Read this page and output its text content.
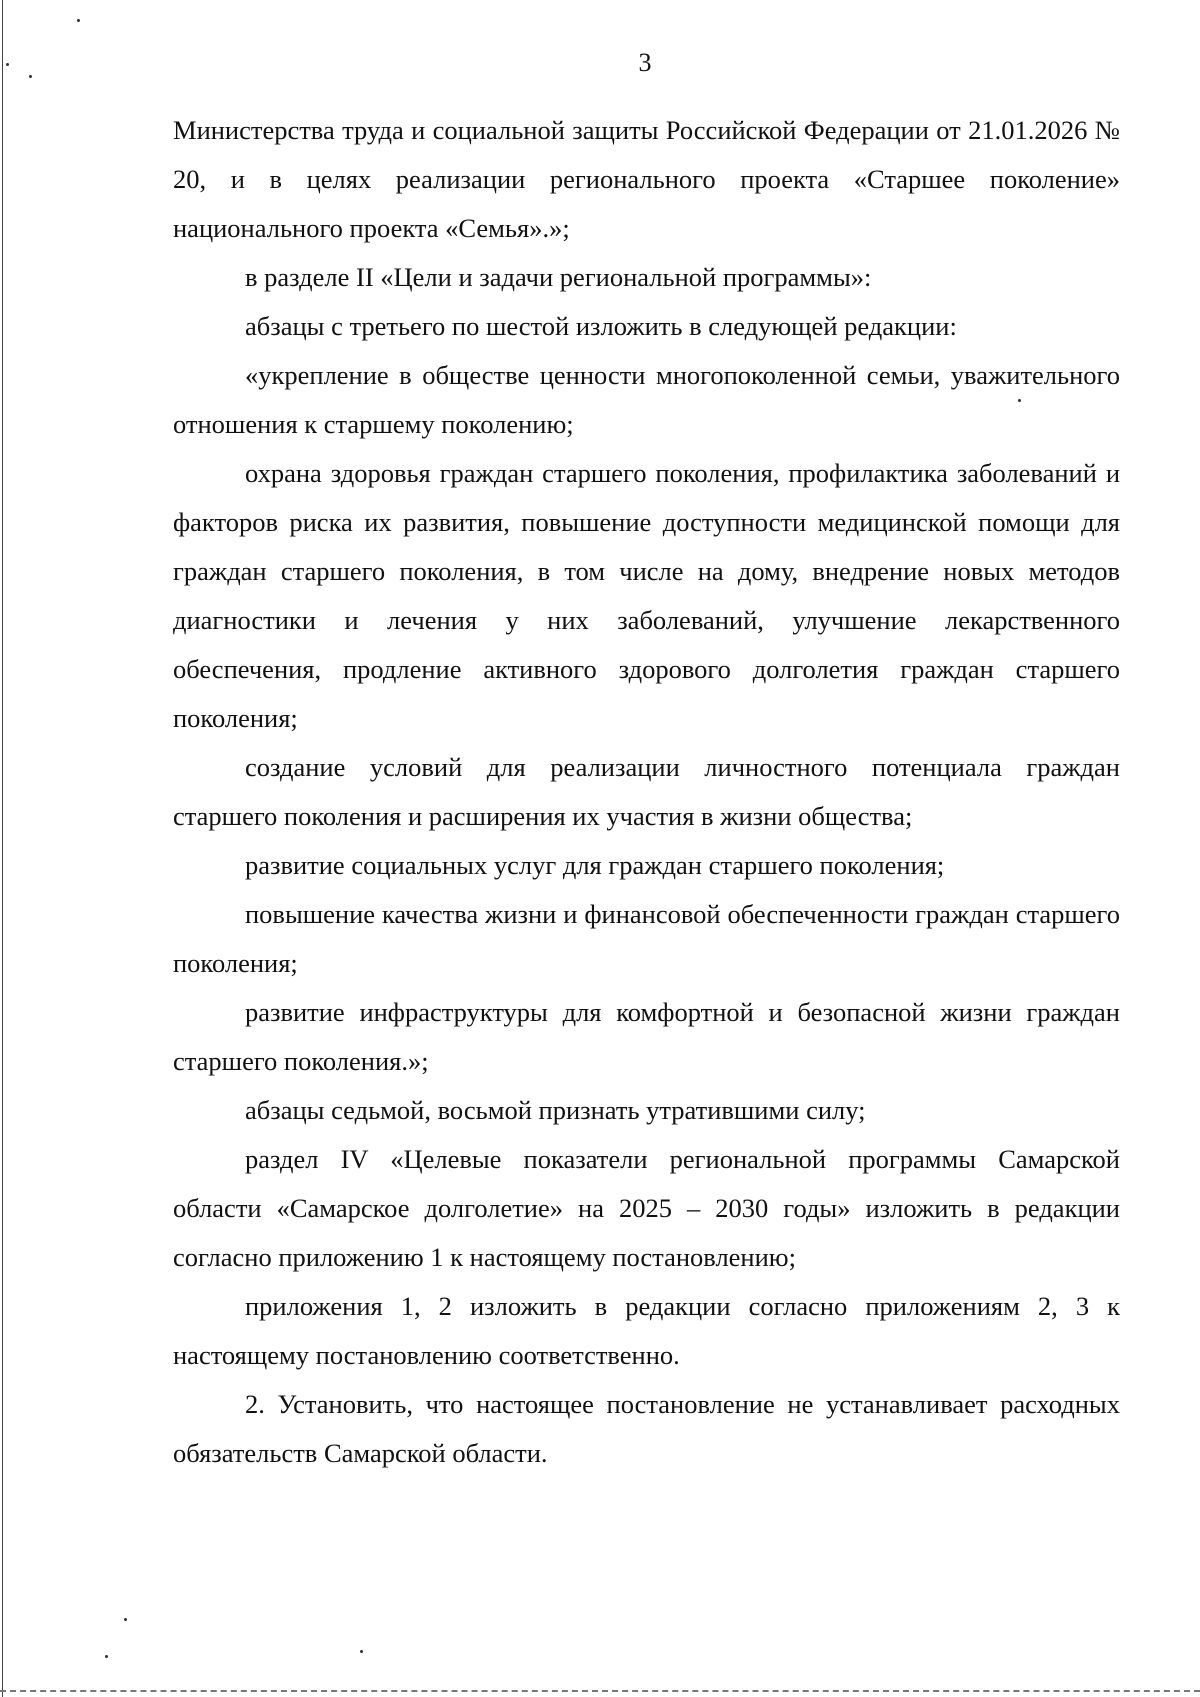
3

Министерства труда и социальной защиты Российской Федерации от 21.01.2026 № 20, и в целях реализации регионального проекта «Старшее поколение» национального проекта «Семья».»;

в разделе II «Цели и задачи региональной программы»:

абзацы с третьего по шестой изложить в следующей редакции:

«укрепление в обществе ценности многопоколенной семьи, уважительного отношения к старшему поколению;

охрана здоровья граждан старшего поколения, профилактика заболеваний и факторов риска их развития, повышение доступности медицинской помощи для граждан старшего поколения, в том числе на дому, внедрение новых методов диагностики и лечения у них заболеваний, улучшение лекарственного обеспечения, продление активного здорового долголетия граждан старшего поколения;

создание условий для реализации личностного потенциала граждан старшего поколения и расширения их участия в жизни общества;

развитие социальных услуг для граждан старшего поколения;

повышение качества жизни и финансовой обеспеченности граждан старшего поколения;

развитие инфраструктуры для комфортной и безопасной жизни граждан старшего поколения.»;

абзацы седьмой, восьмой признать утратившими силу;

раздел IV «Целевые показатели региональной программы Самарской области «Самарское долголетие» на 2025 – 2030 годы» изложить в редакции согласно приложению 1 к настоящему постановлению;

приложения 1, 2 изложить в редакции согласно приложениям 2, 3 к настоящему постановлению соответственно.

2. Установить, что настоящее постановление не устанавливает расходных обязательств Самарской области.
